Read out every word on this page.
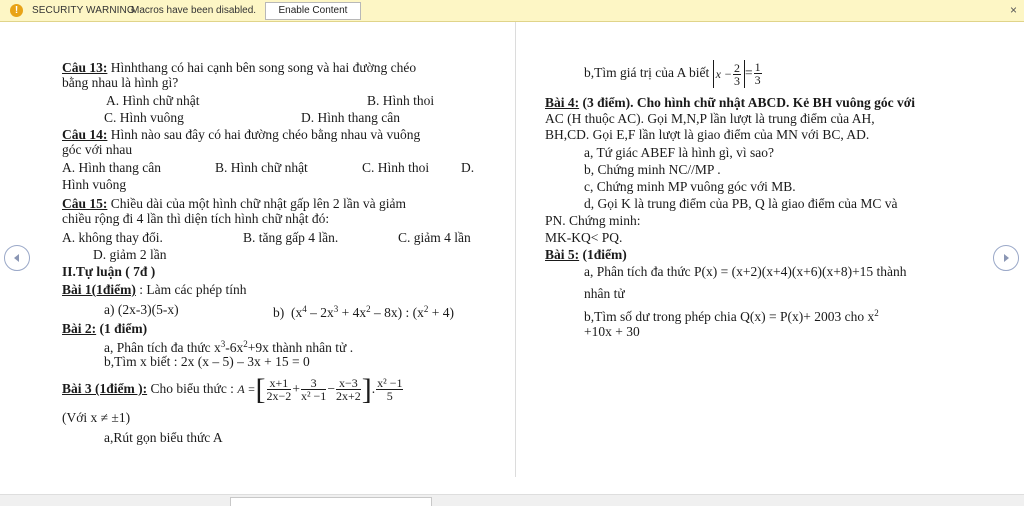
!	SECURITY WARNING
Macros have been disabled.	Enable Content	×
Câu 13: Hìnhthang có hai cạnh bên song song và hai đường chéo
bằng nhau là hình gì?
A. Hình chữ nhật	B. Hình thoi
C. Hình vuông	D. Hình thang cân
Câu 14: Hình nào sau đây có hai đường chéo bằng nhau và vuông
góc với nhau
A. Hình thang cân	B. Hình chữ nhật	C. Hình thoi D.
Hình vuông
Câu 15: Chiều dài của một hình chữ nhật gấp lên 2 lần và giảm
chiều rộng đi 4 lần thì diện tích hình chữ nhật đó:
A. không thay đổi.	B. tăng gấp 4 lần.	C. giảm 4 lần
D. giảm 2 lần
II.Tự luận ( 7đ )
Bài 1(1điểm) : Làm các phép tính
a) (2x-3)(5-x)	b) $(x^4 - 2x^3 + 4x^2 - 8x)$ : $(x^2 + 4)$
Bài 2: (1 điểm)
a, Phân tích đa thức $x^3-6x^2+9x$ thành nhân tử .
b,Tìm x biết : 2x (x – 5) – 3x + 15 = 0
Bài 3 (1điểm ): Cho biểu thức : A =[ $\frac{x+1}{2x-2} + \frac{3}{\text{x² −1}} - \frac{x-3}{2x+2}$ ]. $\frac{\text{x² −1}}{5}$
(Với x ≠ ±1)
a,Rút gọn biểu thức A
b,Tìm giá trị của A biết $x - \frac{2}{3} = \frac{1}{3}$
Bài 4: (3 điểm). Cho hình chữ nhật ABCD. Kẻ BH vuông góc với
AC (H thuộc AC). Gọi M,N,P lần lượt là trung điểm của AH,
BH,CD. Gọi E,F lần lượt là giao điểm của MN với BC, AD.
a, Tứ giác ABEF là hình gì, vì sao?
b, Chứng minh NC//MP .
c, Chứng minh MP vuông góc với MB.
d, Gọi K là trung điểm của PB, Q là giao điểm của MC và
PN. Chứng minh:
MK-KQ< PQ.
Bài 5: (1điểm)
a, Phân tích đa thức P(x) = (x+2)(x+4)(x+6)(x+8)+15 thành
nhân tử
b,Tìm số dư trong phép chia Q(x) = P(x)+ 2003 cho $x^2$
+10x + 30
